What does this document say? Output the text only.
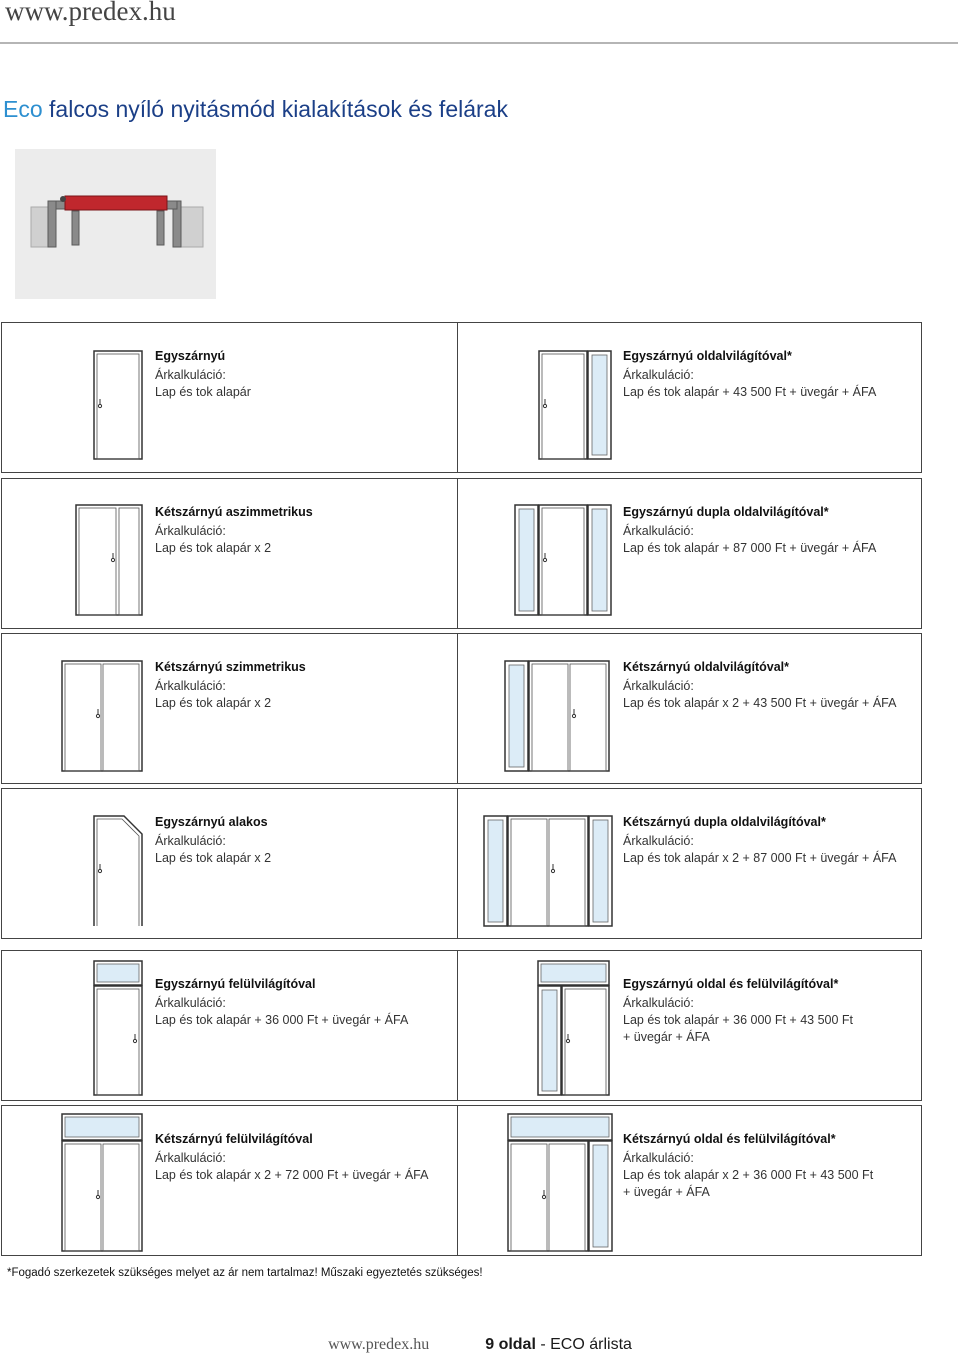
www.predex.hu
Eco falcos nyíló nyitásmód kialakítások és felárak
Egyszárnyú
Árkalkuláció:
Lap és tok alapár
Egyszárnyú oldalvilágítóval*
Árkalkuláció:
Lap és tok alapár + 43 500 Ft + üvegár + ÁFA
Kétszárnyú aszimmetrikus
Árkalkuláció:
Lap és tok alapár x 2
Egyszárnyú dupla oldalvilágítóval*
Árkalkuláció:
Lap és tok alapár + 87 000 Ft + üvegár + ÁFA
Kétszárnyú szimmetrikus
Árkalkuláció:
Lap és tok alapár x 2
Kétszárnyú oldalvilágítóval*
Árkalkuláció:
Lap és tok alapár x 2 + 43 500 Ft + üvegár + ÁFA
Egyszárnyú alakos
Árkalkuláció:
Lap és tok alapár x 2
Kétszárnyú dupla oldalvilágítóval*
Árkalkuláció:
Lap és tok alapár x 2 + 87 000 Ft + üvegár + ÁFA
Egyszárnyú felülvilágítóval
Árkalkuláció:
Lap és tok alapár + 36 000 Ft + üvegár + ÁFA
Egyszárnyú oldal és felülvilágítóval*
Árkalkuláció:
Lap és tok alapár + 36 000 Ft + 43 500 Ft
+ üvegár + ÁFA
Kétszárnyú felülvilágítóval
Árkalkuláció:
Lap és tok alapár x 2 + 72 000 Ft + üvegár + ÁFA
Kétszárnyú oldal és felülvilágítóval*
Árkalkuláció:
Lap és tok alapár x 2 + 36 000 Ft + 43 500 Ft
+ üvegár + ÁFA
*Fogadó szerkezetek szükséges melyet az ár nem tartalmaz! Műszaki egyeztetés szükséges!
www.predex.hu	9 oldal - ECO árlista
